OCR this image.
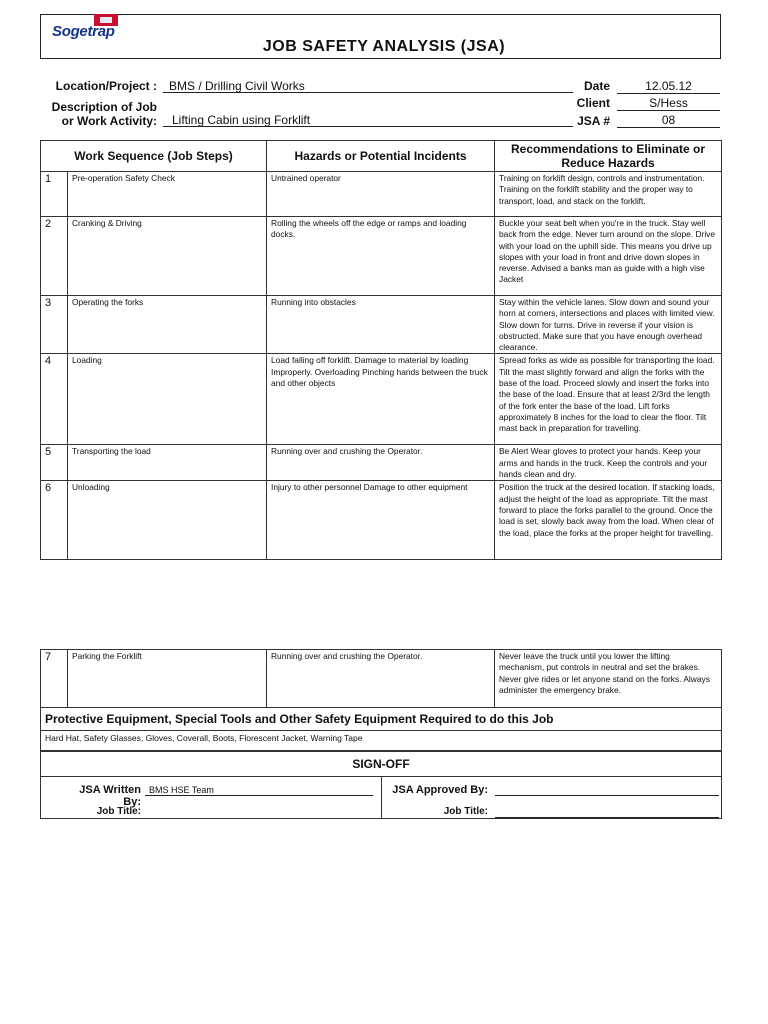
Sogetrap
JOB SAFETY ANALYSIS (JSA)
Location/Project :	BMS / Drilling Civil Works
Description of Job
or Work Activity:	Lifting Cabin using Forklift
Date	12.05.12
Client	S/Hess
JSA #	08
Work Sequence (Job Steps)		Hazards or Potential Incidents	Recommendations to Eliminate or Reduce Hazards
1	Pre-operation Safety Check	Untrained operator	Training on forklift design, controls and instrumentation. Training on the forklift stability and the proper way to transport, load, and stack on the forklift.
2	Cranking & Driving	Rolling the wheels off the edge or ramps and loading docks.	Buckle your seat belt when you're in the truck. Stay well back from the edge. Never turn around on the slope. Drive with your load on the uphill side. This means you drive up slopes with your load in front and drive down slopes in reverse. Advised a banks man as guide with a high vise Jacket
3	Operating the forks	Running into obstacles	Stay within the vehicle lanes. Slow down and sound your horn at corners, intersections and places with limited view. Slow down for turns. Drive in reverse if your vision is obstructed. Make sure that you have enough overhead clearance.
4	Loading	Load falling off forklift. Damage to material by loading Improperly. Overloading Pinching hands between the truck and other objects	Spread forks as wide as possible for transporting the load. Tilt the mast slightly forward and align the forks with the base of the load. Proceed slowly and insert the forks into the base of the load. Ensure that at least 2/3rd the length of the fork enter the base of the load. Lift forks approximately 8 inches for the load to clear the floor. Tilt mast back in preparation for travelling.
5	Transporting the load	Running over and crushing the Operator.	Be Alert Wear gloves to protect your hands. Keep your arms and hands in the truck. Keep the controls and your hands clean and dry.
6	Unloading	Injury to other personnel Damage to other equipment	Position the truck at the desired location. If stacking loads, adjust the height of the load as appropriate. Tilt the mast forward to place the forks parallel to the ground. Once the load is set, slowly back away from the load. When clear of the load, place the forks at the proper height for travelling.
7	Parking the Forklift	Running over and crushing the Operator.	Never leave the truck until you lower the lifting mechanism, put controls in neutral and set the brakes. Never give rides or let anyone stand on the forks. Always administer the emergency brake.
Protective Equipment, Special Tools and Other Safety Equipment Required to do this Job
Hard Hat, Safety Glasses, Gloves, Coverall, Boots, Florescent Jacket, Warning Tape
SIGN-OFF

JSA Written By:
BMS HSE Team
Job Title:

JSA Approved By:
Job Title:
